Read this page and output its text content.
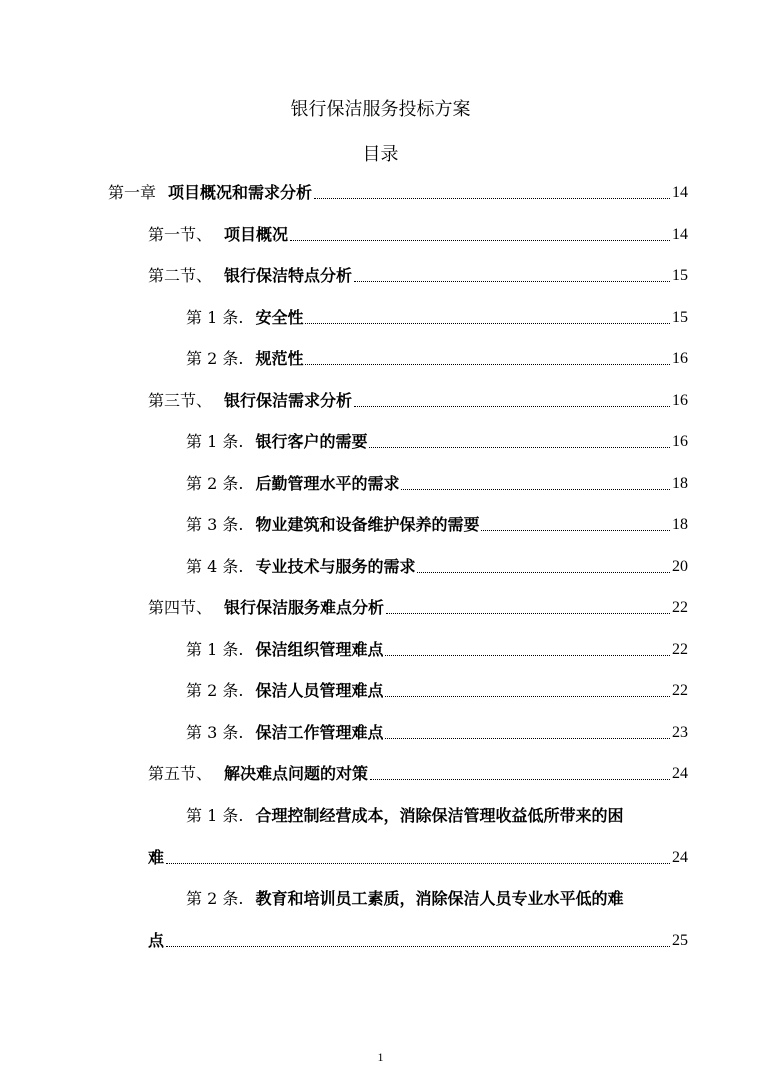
银行保洁服务投标方案
目录
第一章 项目概况和需求分析	14
第一节、 项目概况	14
第二节、 银行保洁特点分析	15
第 1 条. 安全性	15
第 2 条. 规范性	16
第三节、 银行保洁需求分析	16
第 1 条. 银行客户的需要	16
第 2 条. 后勤管理水平的需求	18
第 3 条. 物业建筑和设备维护保养的需要	18
第 4 条. 专业技术与服务的需求	20
第四节、 银行保洁服务难点分析	22
第 1 条. 保洁组织管理难点	22
第 2 条. 保洁人员管理难点	22
第 3 条. 保洁工作管理难点	23
第五节、 解决难点问题的对策	24
第 1 条. 合理控制经营成本，消除保洁管理收益低所带来的困
难	24
第 2 条. 教育和培训员工素质，消除保洁人员专业水平低的难
点	25
1
